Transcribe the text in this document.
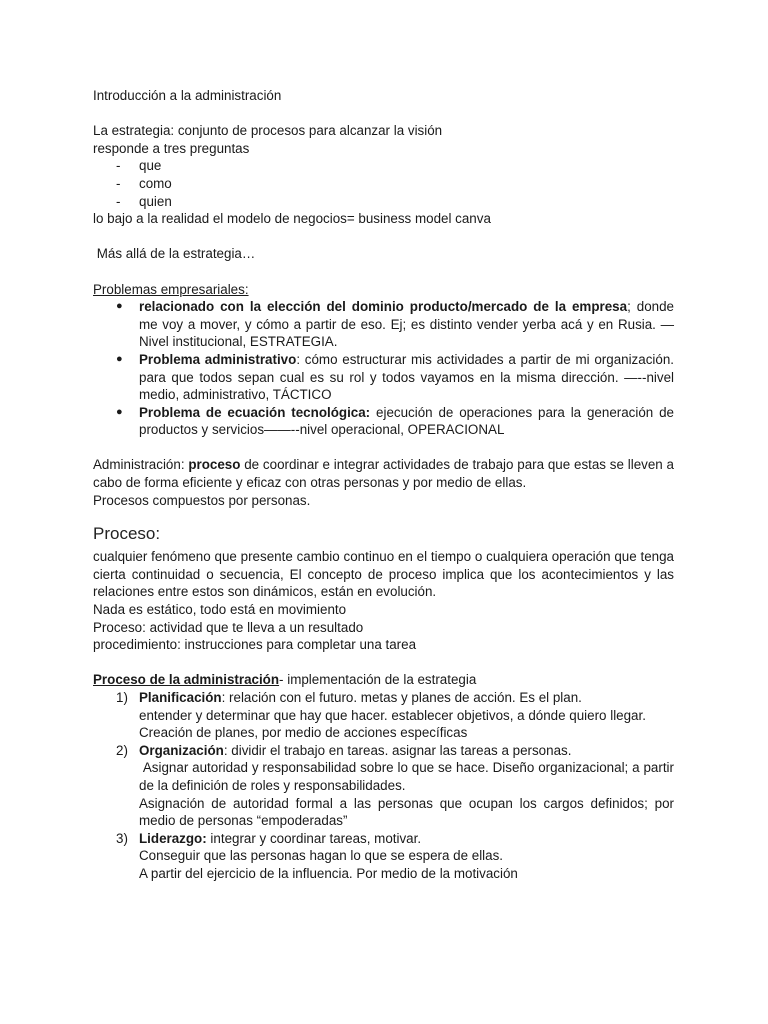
Introducción a la administración

La estrategia: conjunto de procesos para alcanzar la visión

responde a tres preguntas

- que
- como
- quien

lo bajo a la realidad el modelo de negocios= business model canva

Más allá de la estrategia…

Problemas empresariales:

● relacionado con la elección del dominio producto/mercado de la empresa; donde me voy a mover, y cómo a partir de eso. Ej; es distinto vender yerba acá y en Rusia. —Nivel institucional, ESTRATEGIA.
● Problema administrativo: cómo estructurar mis actividades a partir de mi organización. para que todos sepan cual es su rol y todos vayamos en la misma dirección. —--nivel medio, administrativo, TÁCTICO
● Problema de ecuación tecnológica: ejecución de operaciones para la generación de productos y servicios——--nivel operacional, OPERACIONAL

Administración: proceso de coordinar e integrar actividades de trabajo para que estas se lleven a cabo de forma eficiente y eficaz con otras personas y por medio de ellas.

Procesos compuestos por personas.

Proceso:

cualquier fenómeno que presente cambio continuo en el tiempo o cualquiera operación que tenga cierta continuidad o secuencia, El concepto de proceso implica que los acontecimientos y las relaciones entre estos son dinámicos, están en evolución.

Nada es estático, todo está en movimiento

Proceso: actividad que te lleva a un resultado

procedimiento: instrucciones para completar una tarea

Proceso de la administración- implementación de la estrategia

1) Planificación: relación con el futuro. metas y planes de acción. Es el plan.

entender y determinar que hay que hacer. establecer objetivos, a dónde quiero llegar.

Creación de planes, por medio de acciones específicas

2) Organización: dividir el trabajo en tareas. asignar las tareas a personas.

Asignar autoridad y responsabilidad sobre lo que se hace. Diseño organizacional; a partir de la definición de roles y responsabilidades.

Asignación de autoridad formal a las personas que ocupan los cargos definidos; por medio de personas “empoderadas”

3) Liderazgo: integrar y coordinar tareas, motivar.

Conseguir que las personas hagan lo que se espera de ellas.

A partir del ejercicio de la influencia. Por medio de la motivación
